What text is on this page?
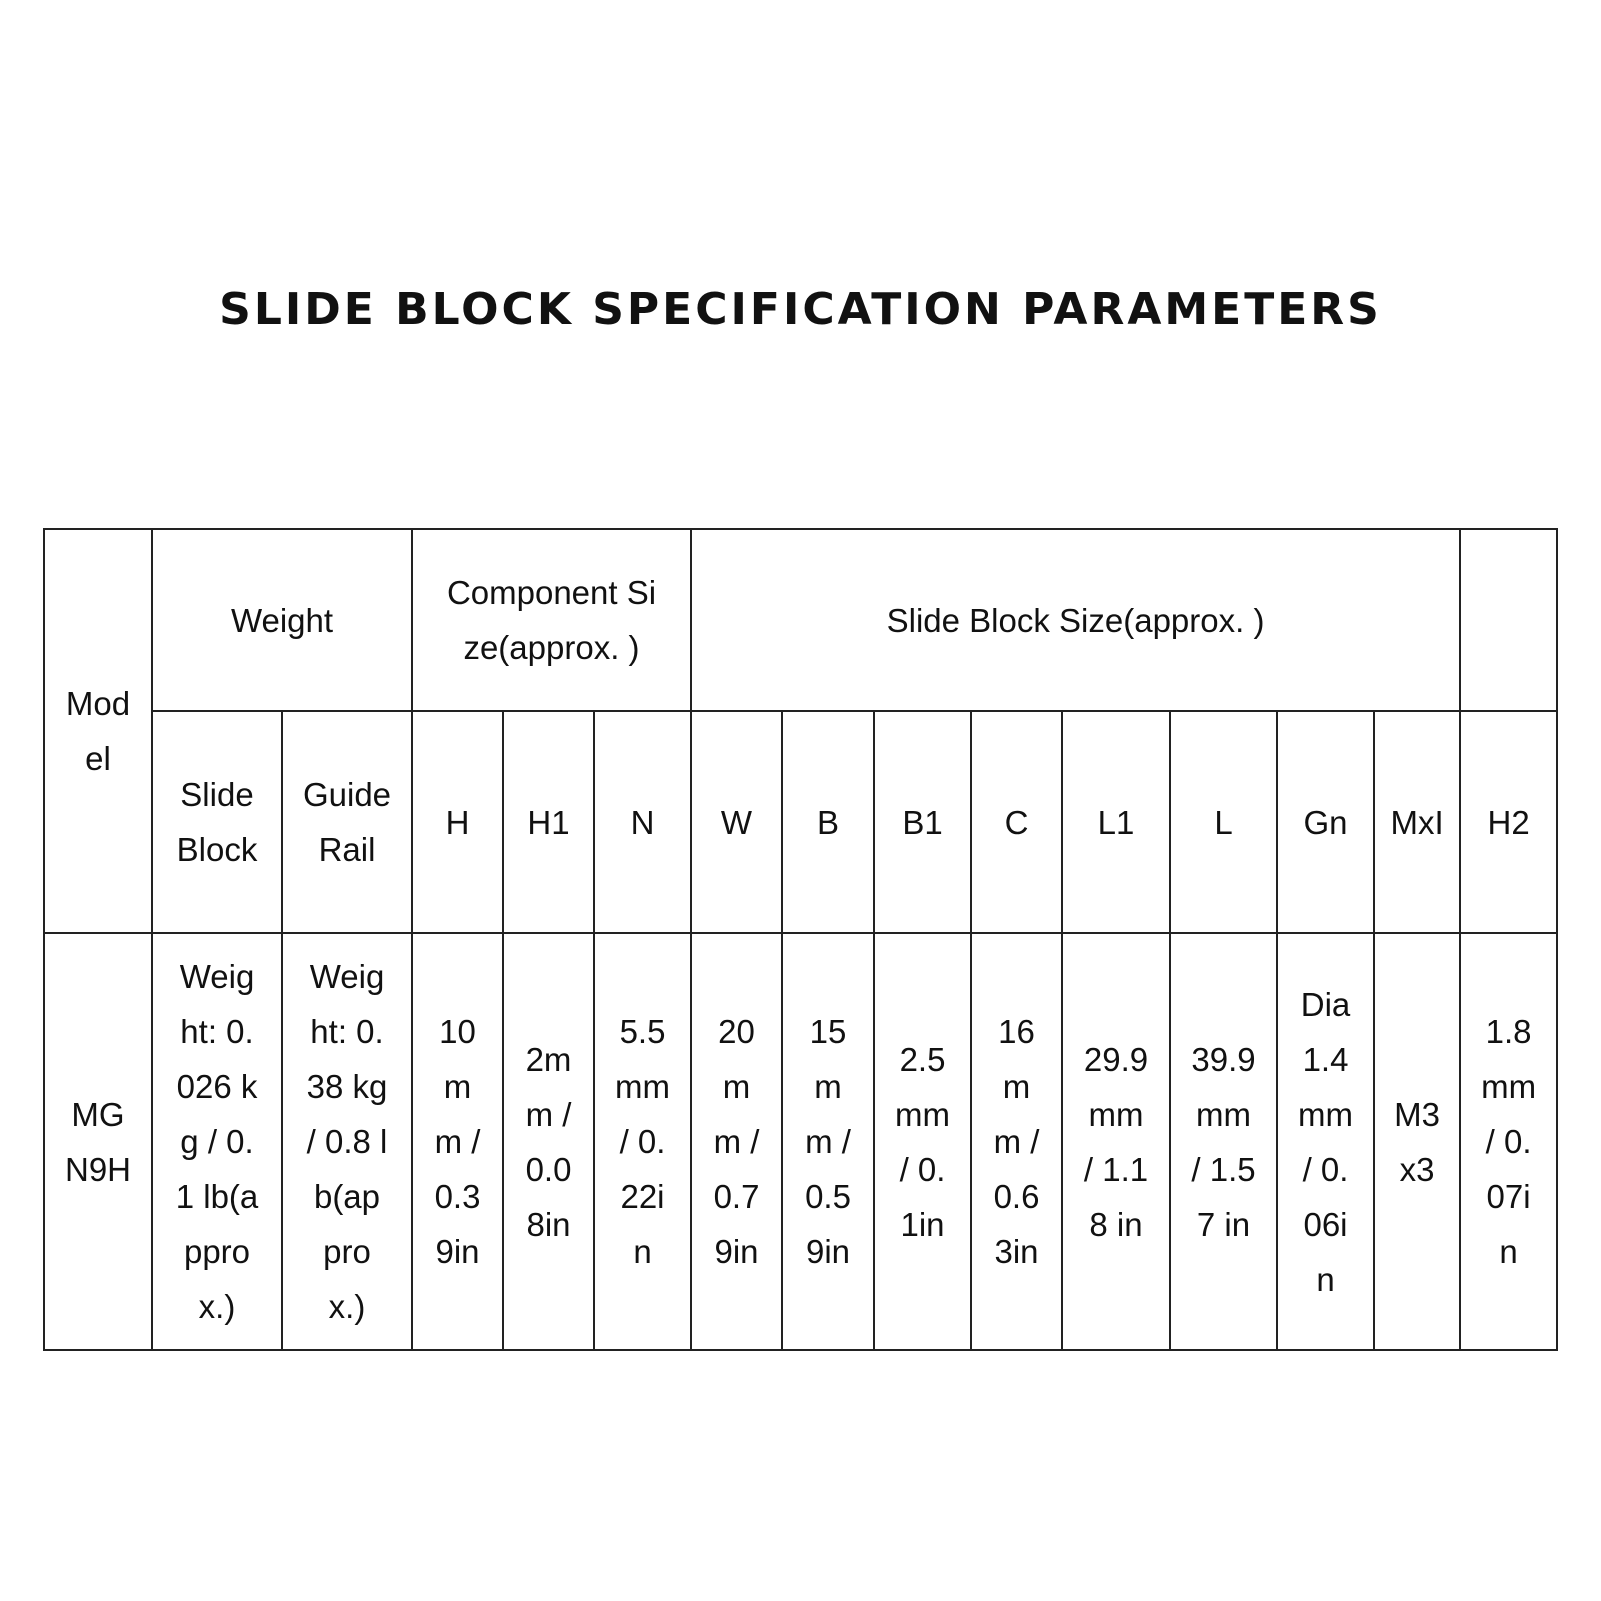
SLIDE BLOCK SPECIFICATION PARAMETERS
Model	Weight		Component Size(approx. )			Slide Block Size(approx. )								

	Slide Block	Guide Rail	H	H1	N	W	B	B1	C	L1	L	Gn	MxI	H2

MGN9H	Weight: 0.026 kg / 0.1 lb(approx.)	Weight: 0.38 kg / 0.8 lb(approx.)	10mm / 0.39in	2mm / 0.08in	5.5 mm / 0.22in	20mm / 0.79in	15mm / 0.59in	2.5 mm / 0.1in	16mm / 0.63in	29.9 mm / 1.18 in	39.9 mm / 1.57 in	Dia 1.4 mm / 0.06in	M3x3	1.8 mm / 0.07in
